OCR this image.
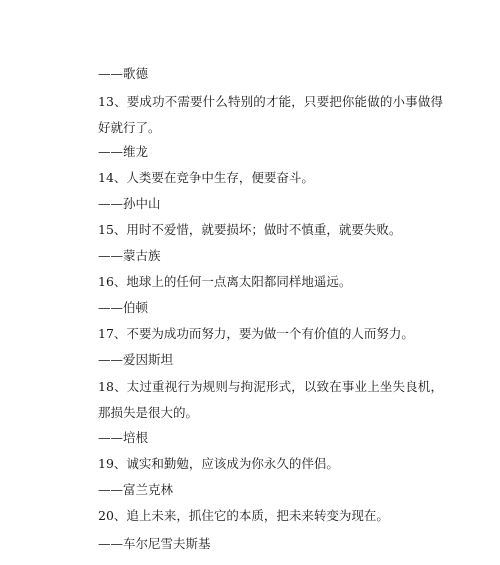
——歌德
13、要成功不需要什么特别的才能，只要把你能做的小事做得好就行了。
——维龙
14、人类要在竞争中生存，便要奋斗。
——孙中山
15、用时不爱惜，就要损坏；做时不慎重，就要失败。
——蒙古族
16、地球上的任何一点离太阳都同样地遥远。
——伯顿
17、不要为成功而努力，要为做一个有价值的人而努力。
——爱因斯坦
18、太过重视行为规则与拘泥形式，以致在事业上坐失良机，那损失是很大的。
——培根
19、诚实和勤勉，应该成为你永久的伴侣。
——富兰克林
20、追上未来，抓住它的本质，把未来转变为现在。
——车尔尼雪夫斯基
